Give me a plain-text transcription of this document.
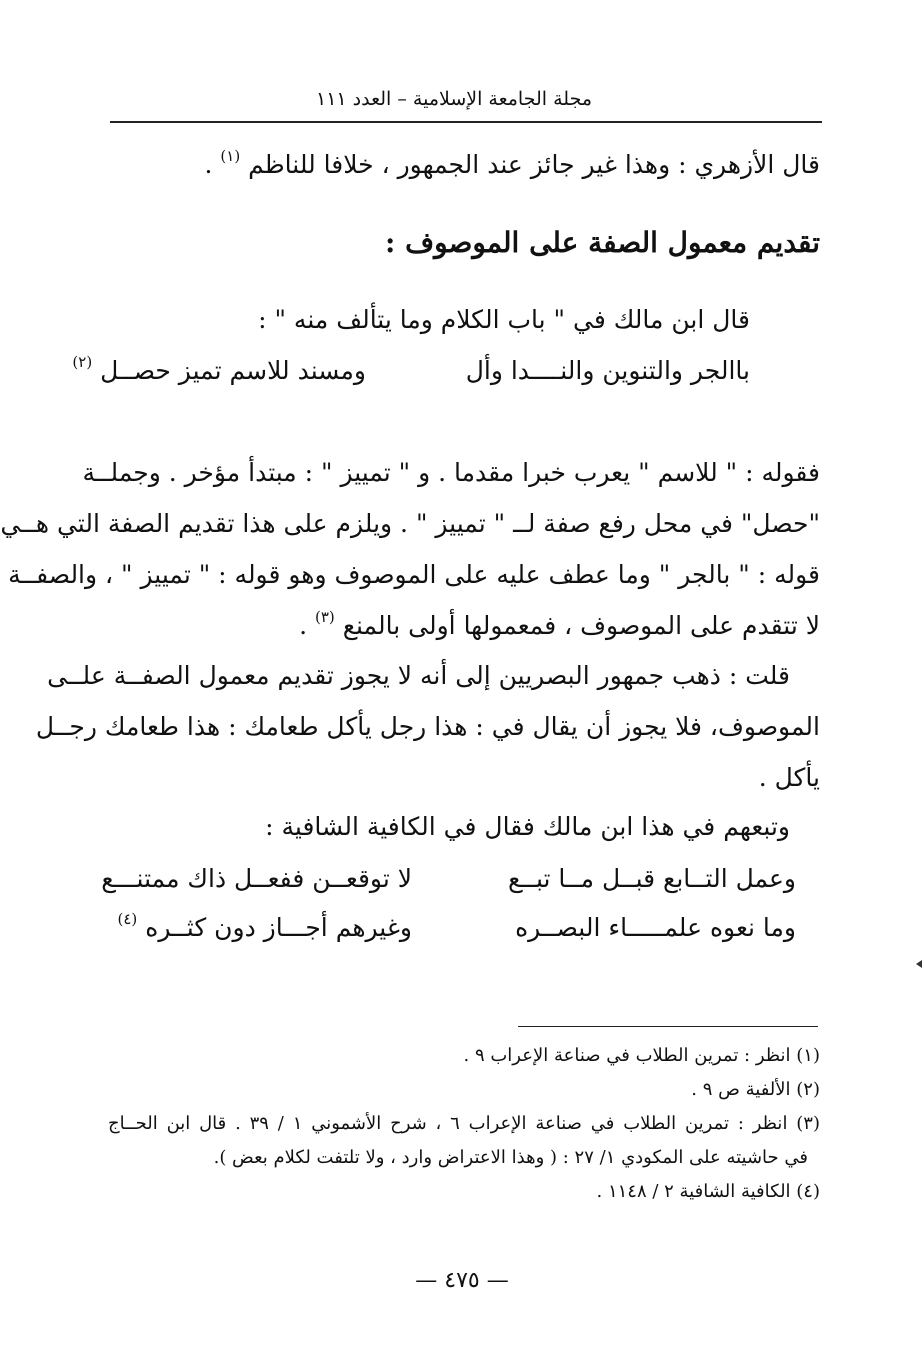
مجلة الجامعة الإسلامية – العدد ١١١
قال الأزهري : وهذا غير جائز عند الجمهور ، خلافا للناظم $^{(١)}$ .
تقديم معمول الصفة على الموصوف :
قال ابن مالك في " باب الكلام وما يتألف منه " :
باالجر والتنوين والنــــدا وأل
ومسند للاسم تميز حصــل $^{(٢)}$
فقوله : " للاسم " يعرب خبرا مقدما . و " تمييز " : مبتدأ مؤخر . وجملــة
"حصل" في محل رفع صفة لــ " تمييز " . ويلزم على هذا تقديم الصفة التي هــي
قوله : " بالجر " وما عطف عليه على الموصوف وهو قوله : " تمييز " ، والصفــة
لا تتقدم على الموصوف ، فمعمولها أولى بالمنع $^{(٣)}$ .
قلت : ذهب جمهور البصريين إلى أنه لا يجوز تقديم معمول الصفــة علــى
الموصوف، فلا يجوز أن يقال في : هذا رجل يأكل طعامك : هذا طعامك رجــل
يأكل .
وتبعهم في هذا ابن مالك فقال في الكافية الشافية :
وعمل التــابع قبــل مــا تبــع
لا توقعــن ففعــل ذاك ممتنـــع
وما نعوه علمـــــاء البصــره
وغيرهم أجـــاز دون كثــره $^{(٤)}$
(١) انظر : تمرين الطلاب في صناعة الإعراب ٩ .
(٢) الألفية ص ٩ .
(٣) انظر : تمرين الطلاب في صناعة الإعراب ٦ ، شرح الأشموني ١ / ٣٩ . قال ابن الحــاج
في حاشيته على المكودي ١/ ٢٧ : ( وهذا الاعتراض وارد ، ولا تلتفت لكلام بعض ).
(٤) الكافية الشافية ٢ / ١١٤٨ .
— ٤٧٥ —
